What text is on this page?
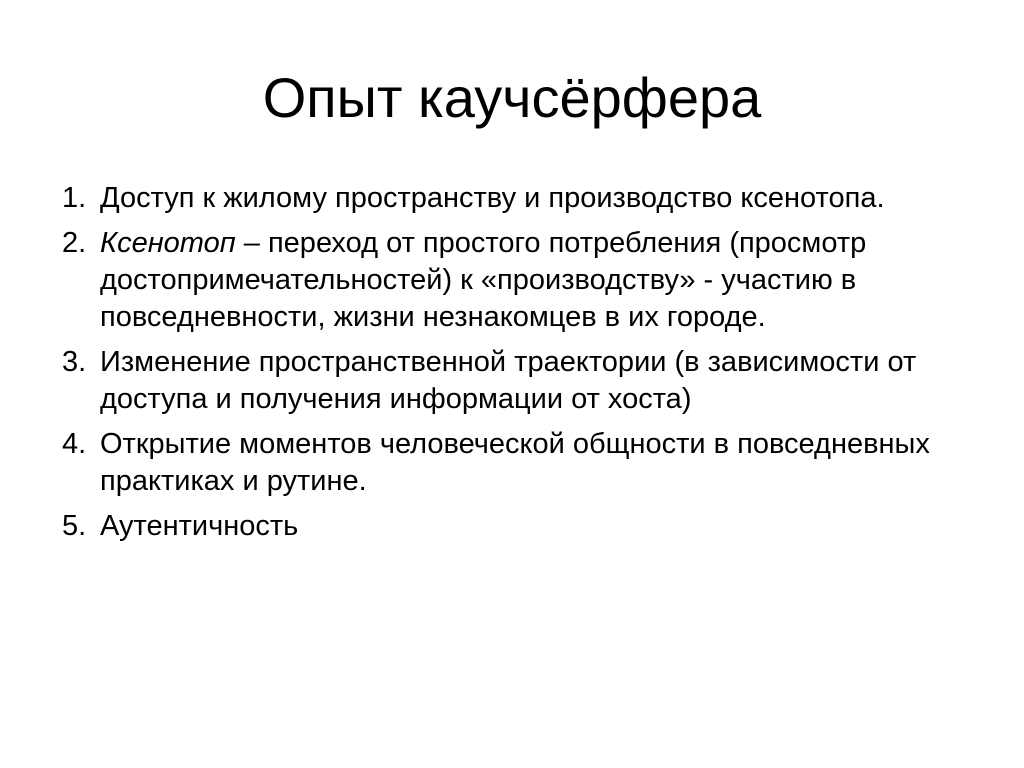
Опыт каучсёрфера
1. Доступ к жилому пространству и производство ксенотопа.
2. Ксенотоп – переход от простого потребления (просмотр достопримечательностей) к «производству» - участию в повседневности, жизни незнакомцев в их городе.
3. Изменение пространственной траектории (в зависимости от доступа и получения информации от хоста)
4. Открытие моментов человеческой общности в повседневных практиках и рутине.
5. Аутентичность
